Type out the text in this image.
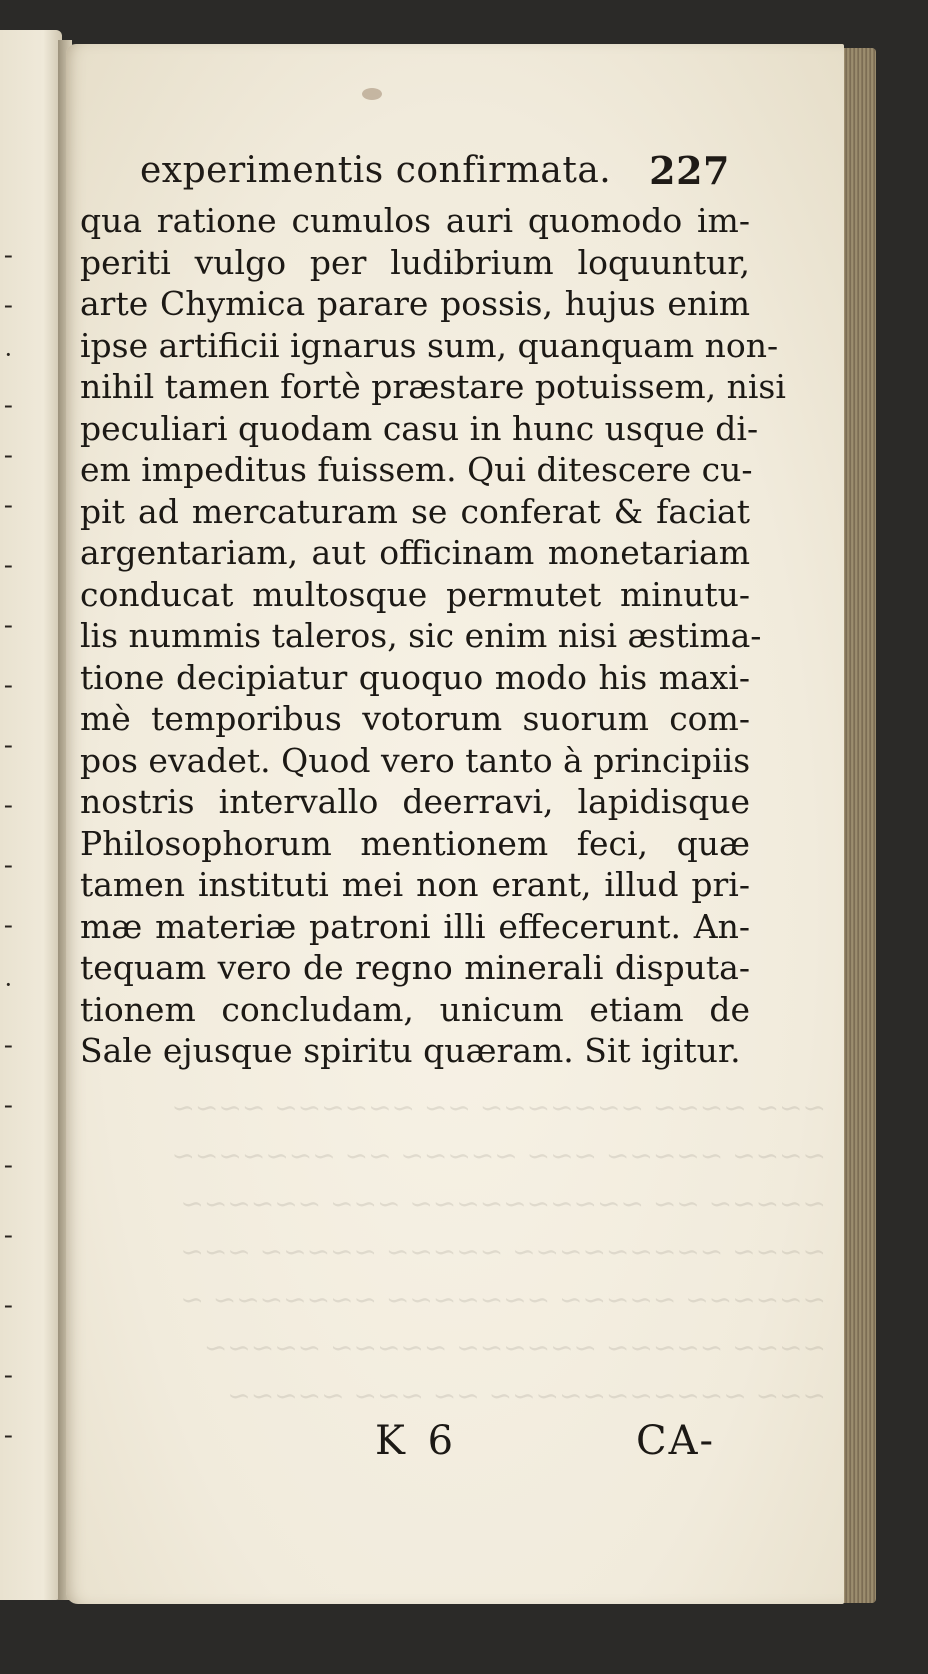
-
-
·
-
-
-
-
-
-
-
-
-
-
·
-
-
-
-
-
-
-
~~~ ~~~~ ~~~~~~~ ~~ ~~~~~~ ~~~~
~~~~ ~~~~~ ~~~ ~~~~~ ~~ ~~~~~~~
~~~~~ ~~ ~~~~~~~~~~ ~~~ ~~~~~~
~~~~ ~~~~~~~~~ ~~~~~ ~~~~~ ~~~
~~~~~~ ~~~~~ ~~~~~~~ ~~~~~~~ ~
~~~~ ~~~~~ ~~~~~~ ~~~~~ ~~~~~
~~~ ~~~~~~~~~~~ ~~ ~~~ ~~~~~
experimentis confirmata. 227
qua ratione cumulos auri quomodo im-
periti vulgo per ludibrium loquuntur,
arte Chymica parare possis, hujus enim
ipse artificii ignarus sum, quanquam non-
nihil tamen fortè præstare potuissem, nisi
peculiari quodam casu in hunc usque di-
em impeditus fuissem. Qui ditescere cu-
pit ad mercaturam se conferat & faciat
argentariam, aut officinam monetariam
conducat multosque permutet minutu-
lis nummis taleros, sic enim nisi æstima-
tione decipiatur quoquo modo his maxi-
mè temporibus votorum suorum com-
pos evadet. Quod vero tanto à principiis
nostris intervallo deerravi, lapidisque
Philosophorum mentionem feci, quæ
tamen instituti mei non erant, illud pri-
mæ materiæ patroni illi effecerunt. An-
tequam vero de regno minerali disputa-
tionem concludam, unicum etiam de
Sale ejusque spiritu quæram. Sit igitur.
K 6	CA-
